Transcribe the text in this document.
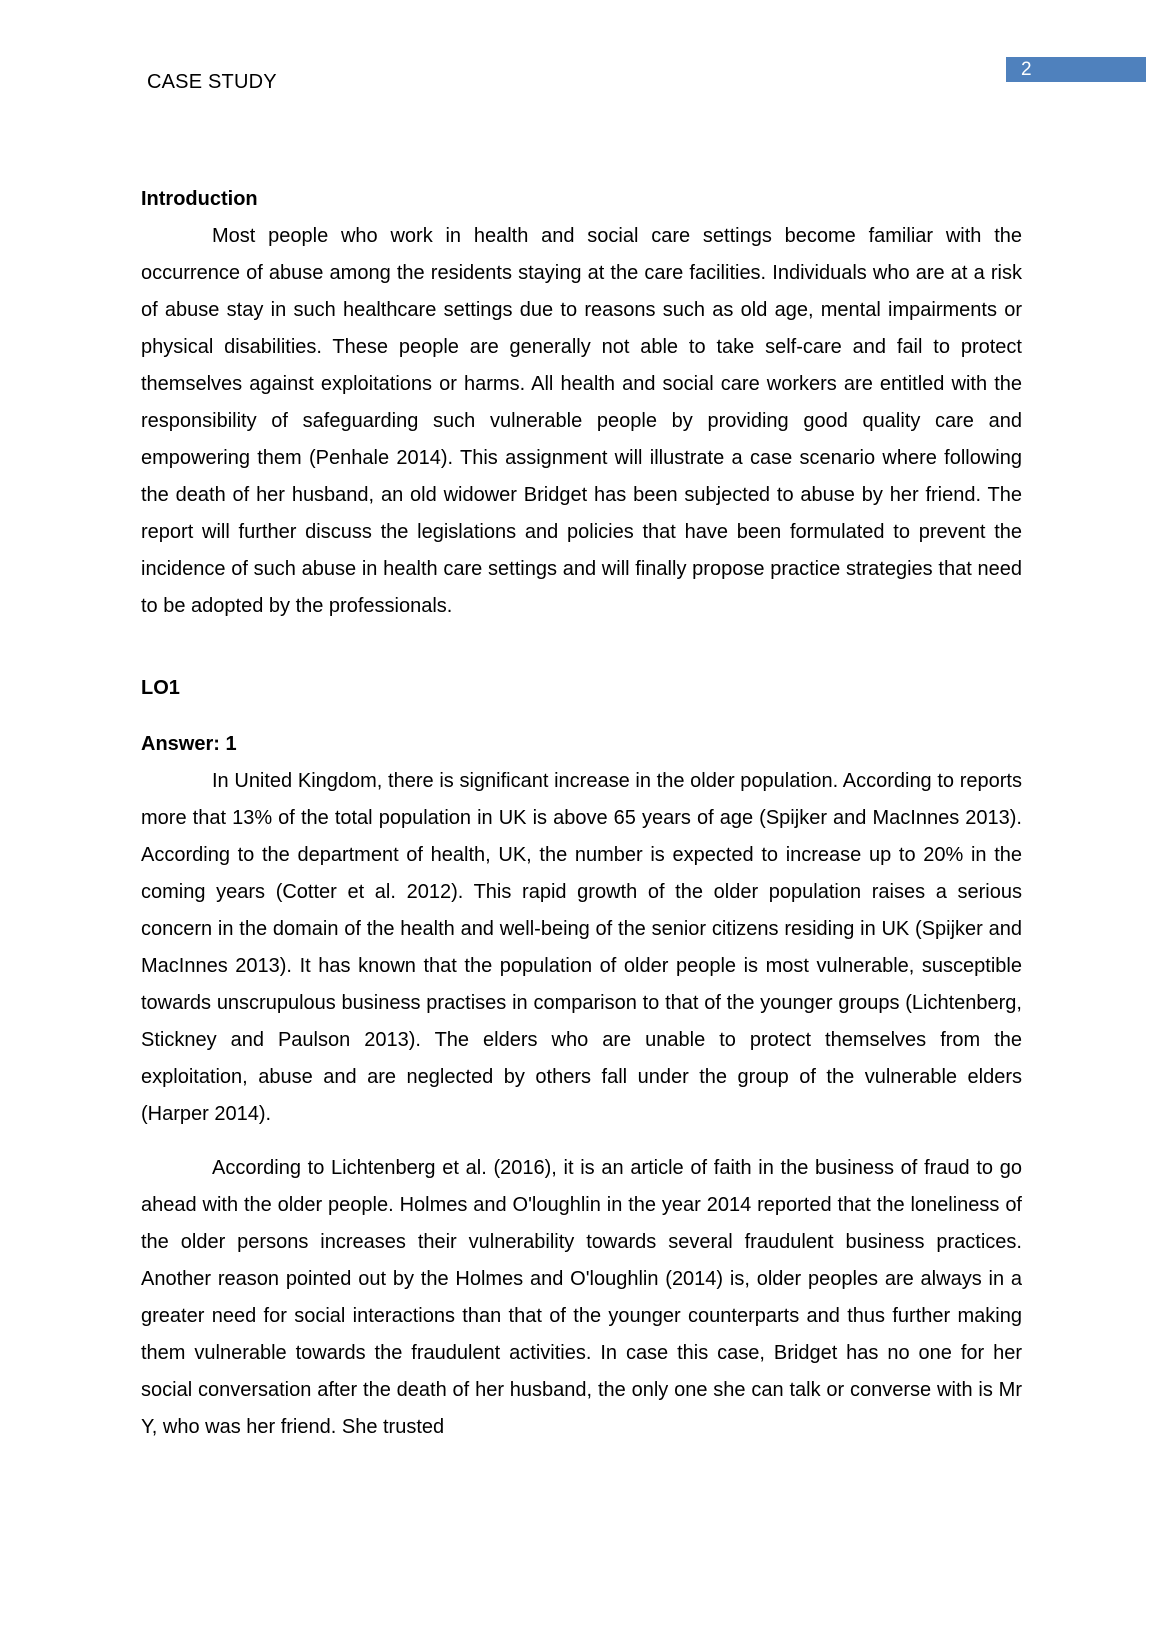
2
CASE STUDY

Introduction

Most people who work in health and social care settings become familiar with the occurrence of abuse among the residents staying at the care facilities. Individuals who are at a risk of abuse stay in such healthcare settings due to reasons such as old age, mental impairments or physical disabilities. These people are generally not able to take self-care and fail to protect themselves against exploitations or harms. All health and social care workers are entitled with the responsibility of safeguarding such vulnerable people by providing good quality care and empowering them (Penhale 2014). This assignment will illustrate a case scenario where following the death of her husband, an old widower Bridget has been subjected to abuse by her friend. The report will further discuss the legislations and policies that have been formulated to prevent the incidence of such abuse in health care settings and will finally propose practice strategies that need to be adopted by the professionals.

LO1

Answer: 1

In United Kingdom, there is significant increase in the older population. According to reports more that 13% of the total population in UK is above 65 years of age (Spijker and MacInnes 2013). According to the department of health, UK, the number is expected to increase up to 20% in the coming years (Cotter et al. 2012). This rapid growth of the older population raises a serious concern in the domain of the health and well-being of the senior citizens residing in UK (Spijker and MacInnes 2013). It has known that the population of older people is most vulnerable, susceptible towards unscrupulous business practises in comparison to that of the younger groups (Lichtenberg, Stickney and Paulson 2013). The elders who are unable to protect themselves from the exploitation, abuse and are neglected by others fall under the group of the vulnerable elders (Harper 2014).

According to Lichtenberg et al. (2016), it is an article of faith in the business of fraud to go ahead with the older people. Holmes and O'loughlin in the year 2014 reported that the loneliness of the older persons increases their vulnerability towards several fraudulent business practices. Another reason pointed out by the Holmes and O'loughlin (2014) is, older peoples are always in a greater need for social interactions than that of the younger counterparts and thus further making them vulnerable towards the fraudulent activities. In case this case, Bridget has no one for her social conversation after the death of her husband, the only one she can talk or converse with is Mr Y, who was her friend. She trusted
